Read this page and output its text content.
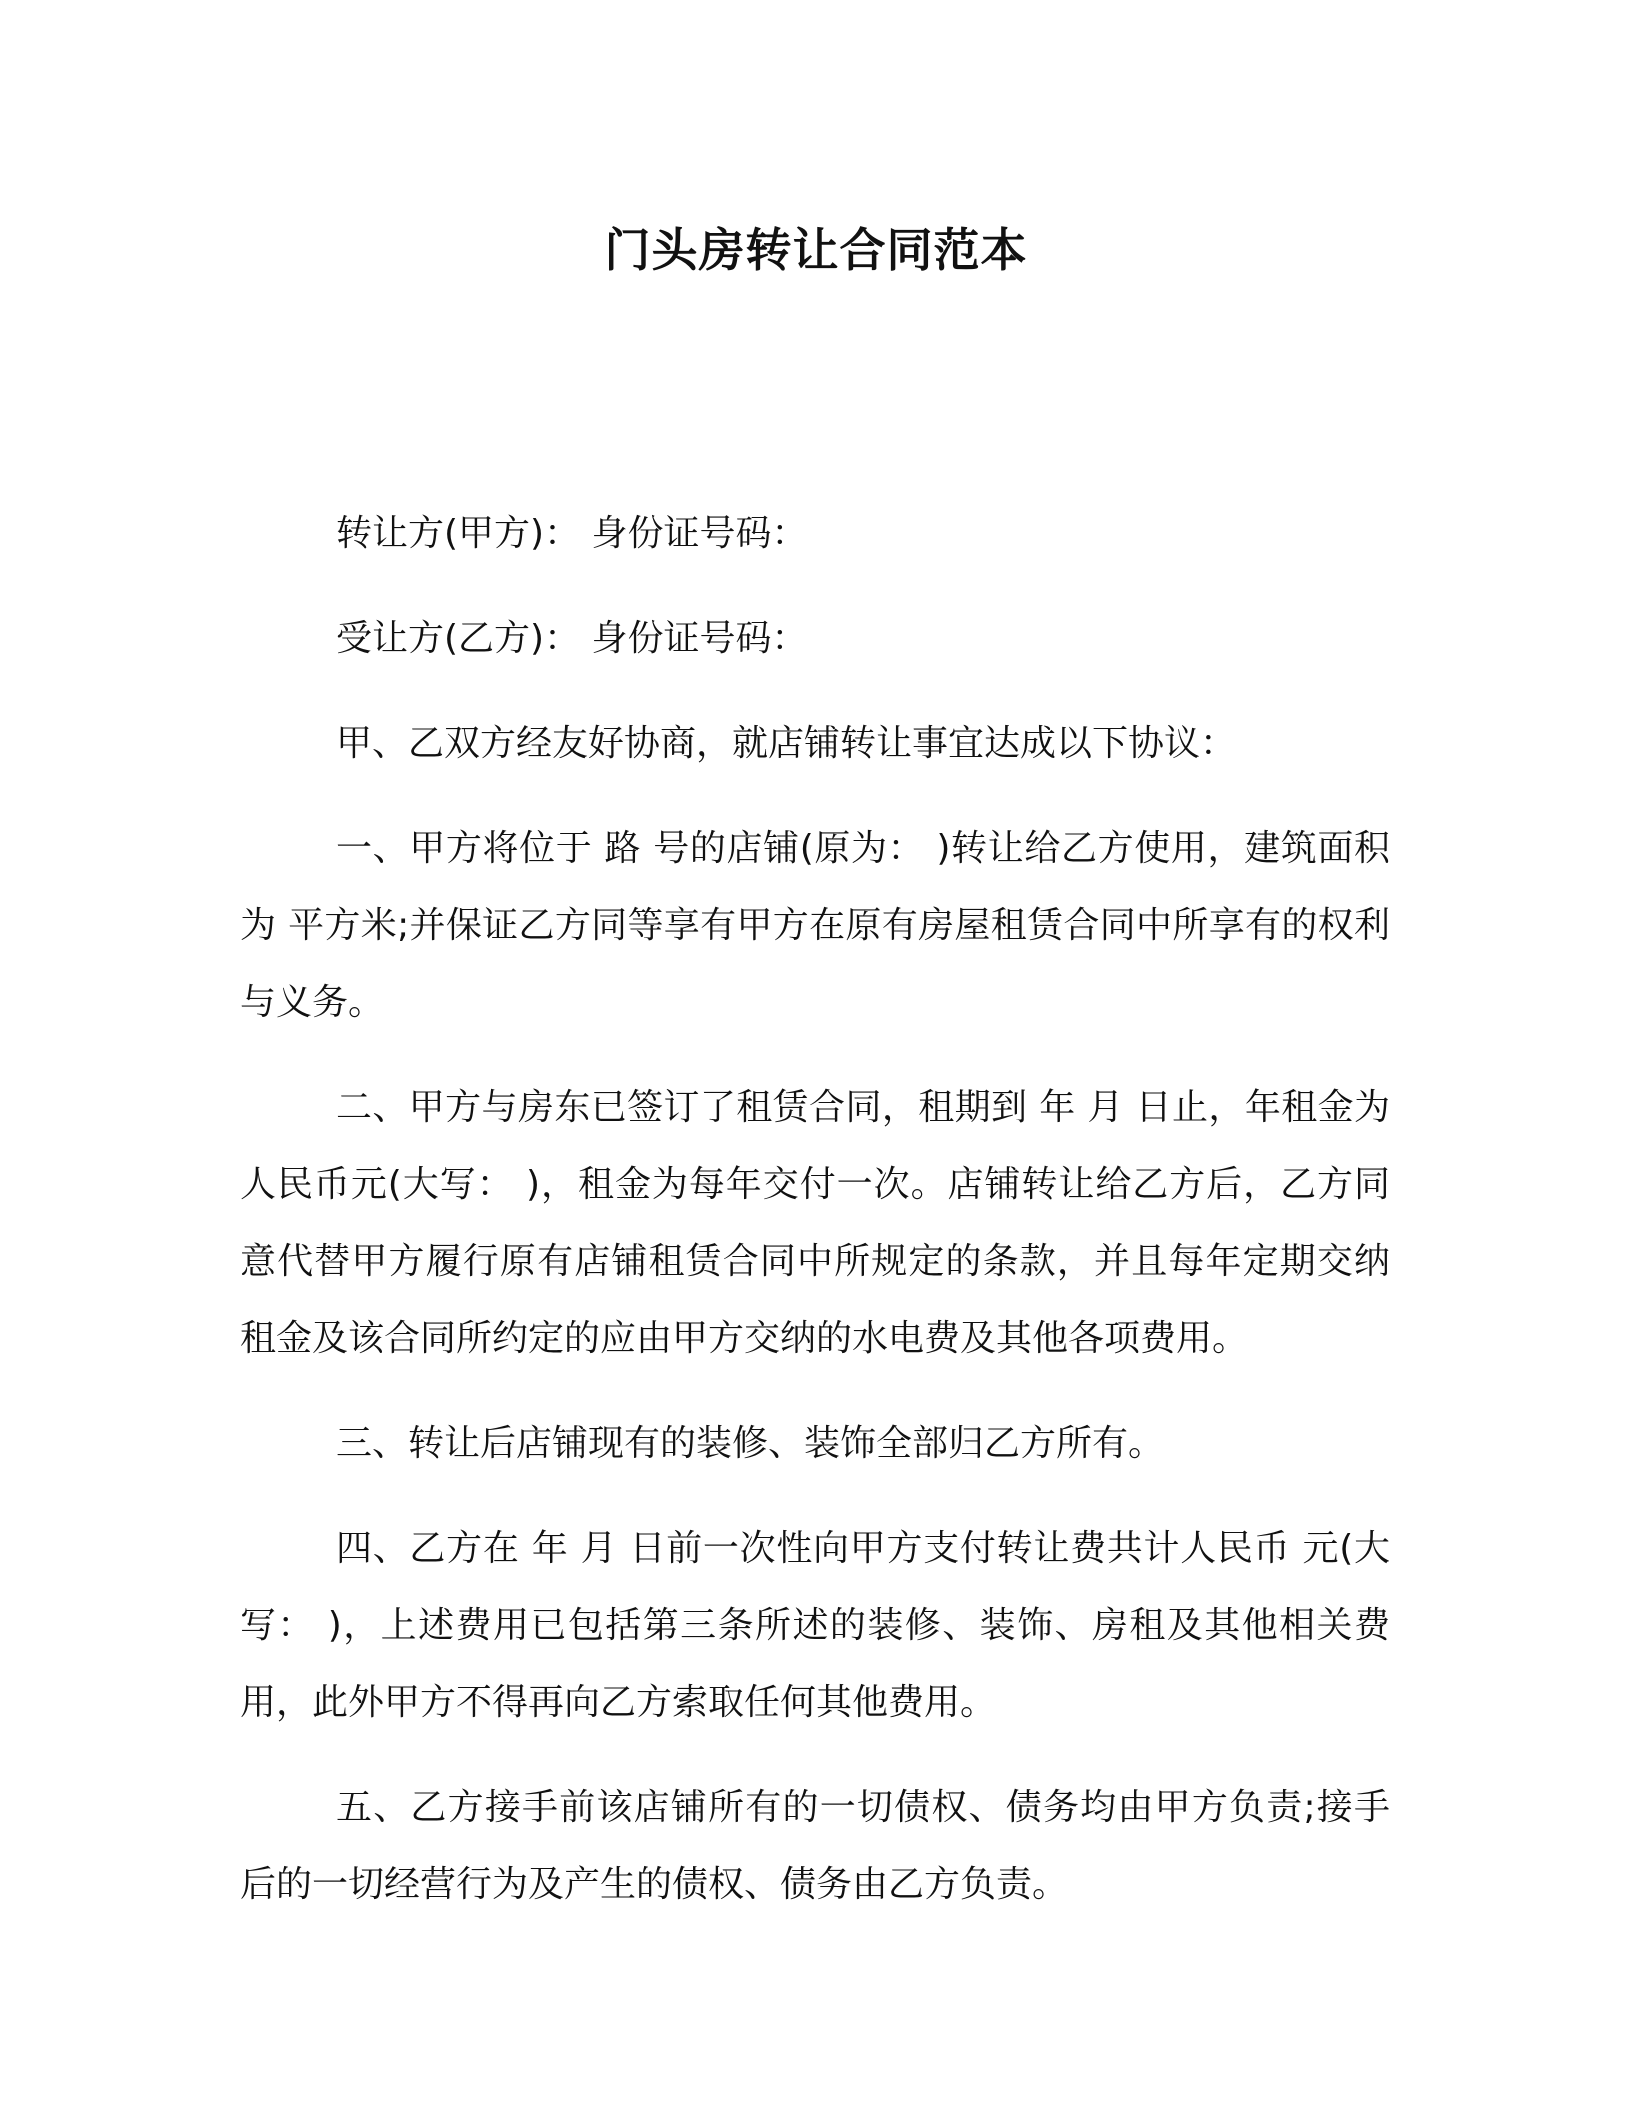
门头房转让合同范本

转让方(甲方)： 身份证号码：

受让方(乙方)： 身份证号码：

甲、乙双方经友好协商，就店铺转让事宜达成以下协议：

一、甲方将位于 路 号的店铺(原为： )转让给乙方使用，建筑面积为 平方米;并保证乙方同等享有甲方在原有房屋租赁合同中所享有的权利与义务。

二、甲方与房东已签订了租赁合同，租期到 年 月 日止，年租金为人民币元(大写： )，租金为每年交付一次。店铺转让给乙方后，乙方同意代替甲方履行原有店铺租赁合同中所规定的条款，并且每年定期交纳租金及该合同所约定的应由甲方交纳的水电费及其他各项费用。

三、转让后店铺现有的装修、装饰全部归乙方所有。

四、乙方在 年 月 日前一次性向甲方支付转让费共计人民币 元(大写： )，上述费用已包括第三条所述的装修、装饰、房租及其他相关费用，此外甲方不得再向乙方索取任何其他费用。

五、乙方接手前该店铺所有的一切债权、债务均由甲方负责;接手后的一切经营行为及产生的债权、债务由乙方负责。
